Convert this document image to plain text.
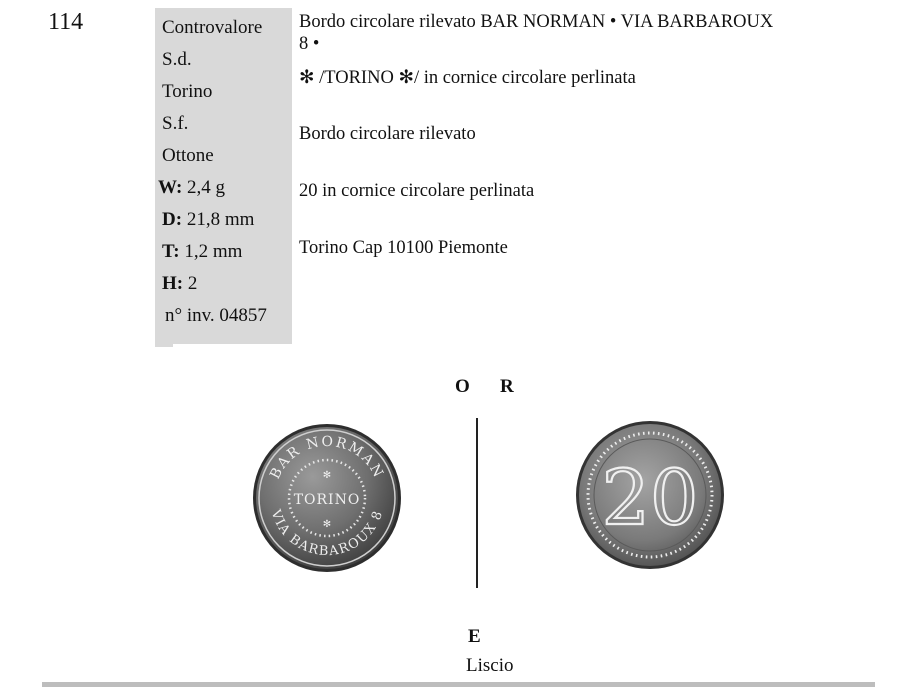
114	Controvalore
S.d.
Torino
S.f.
Ottone
W: 2,4 g
D: 21,8 mm
T: 1,2 mm
H: 2
n° inv. 04857
Bordo circolare rilevato BAR NORMAN • VIA BARBAROUX
8 •
✻ /TORINO ✻/ in cornice circolare perlinata
Bordo circolare rilevato
20 in cornice circolare perlinata
Torino Cap 10100 Piemonte
O R
BAR NORMAN
VIA BARBAROUX 8
TORINO
✻
✻	20
E
Liscio
